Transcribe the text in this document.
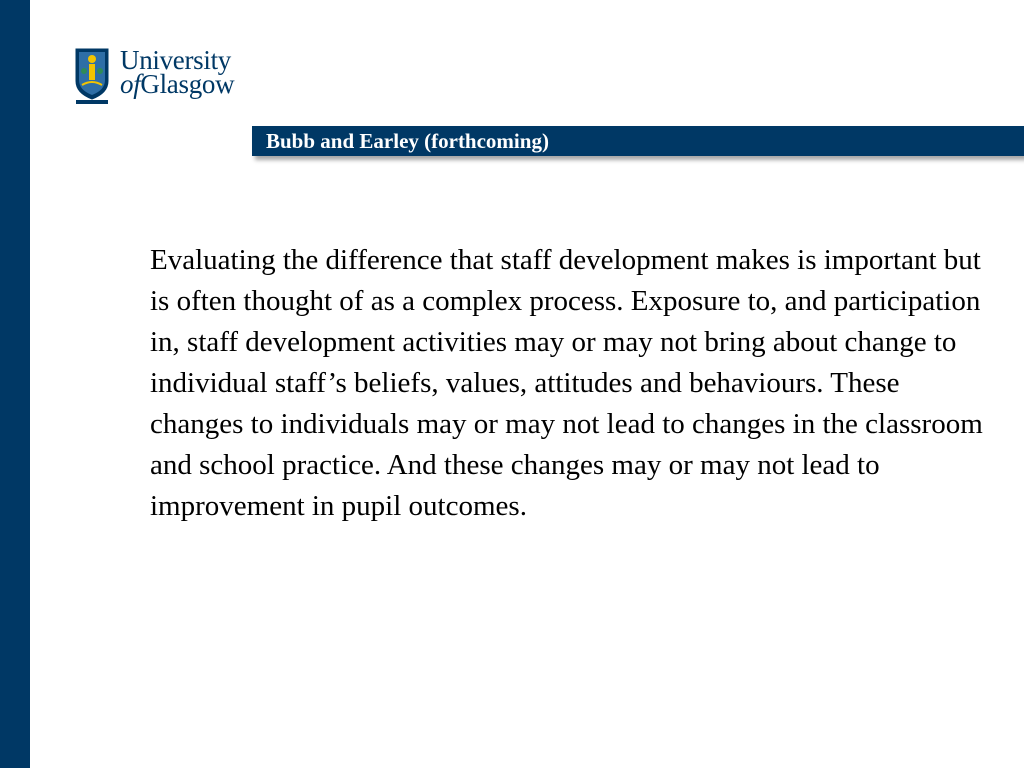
University
ofGlasgow
Bubb and Earley (forthcoming)

Evaluating the difference that staff development makes is important but is often thought of as a complex process. Exposure to, and participation in, staff development activities may or may not bring about change to individual staff’s beliefs, values, attitudes and behaviours. These changes to individuals may or may not lead to changes in the classroom and school practice. And these changes may or may not lead to improvement in pupil outcomes.
